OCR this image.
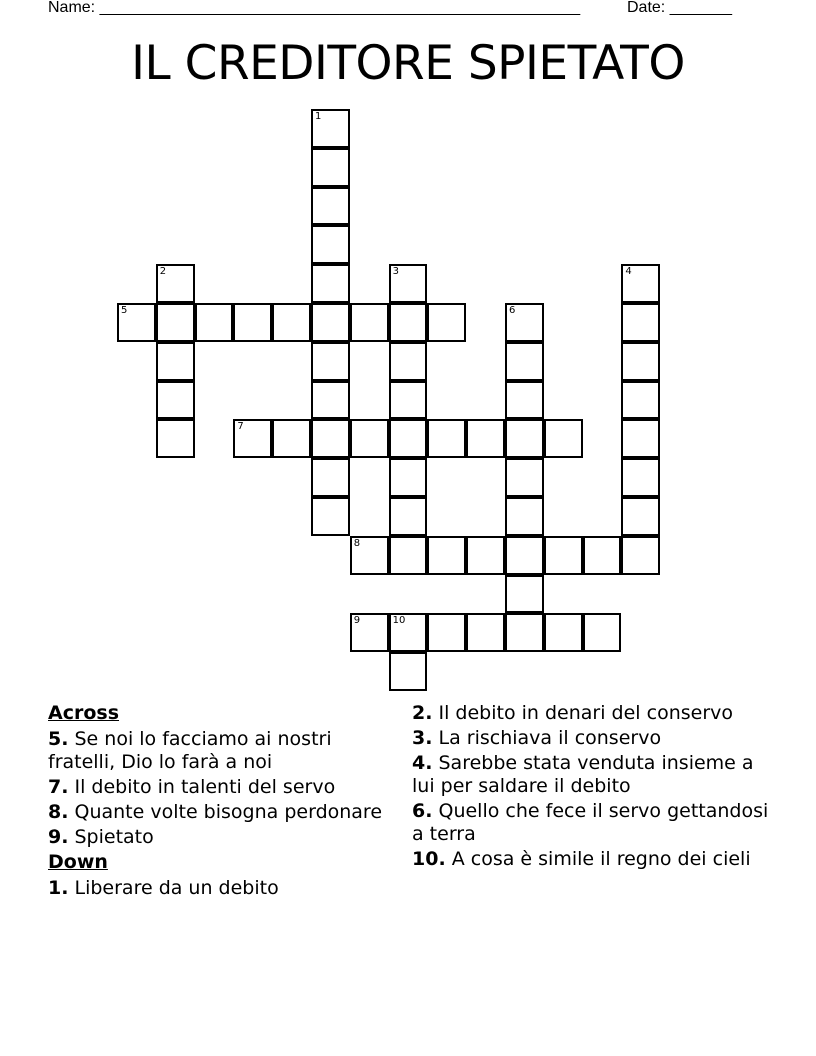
Name: ______________________________________________________	Date: _______
IL CREDITORE SPIETATO
1
2	3	4
5	6
7
8
9	10
Across
5. Se noi lo facciamo ai nostri fratelli, Dio lo farà a noi
7. Il debito in talenti del servo
8. Quante volte bisogna perdonare
9. Spietato
Down
1. Liberare da un debito
2. Il debito in denari del conservo
3. La rischiava il conservo
4. Sarebbe stata venduta insieme a lui per saldare il debito
6. Quello che fece il servo gettandosi a terra
10. A cosa è simile il regno dei cieli
